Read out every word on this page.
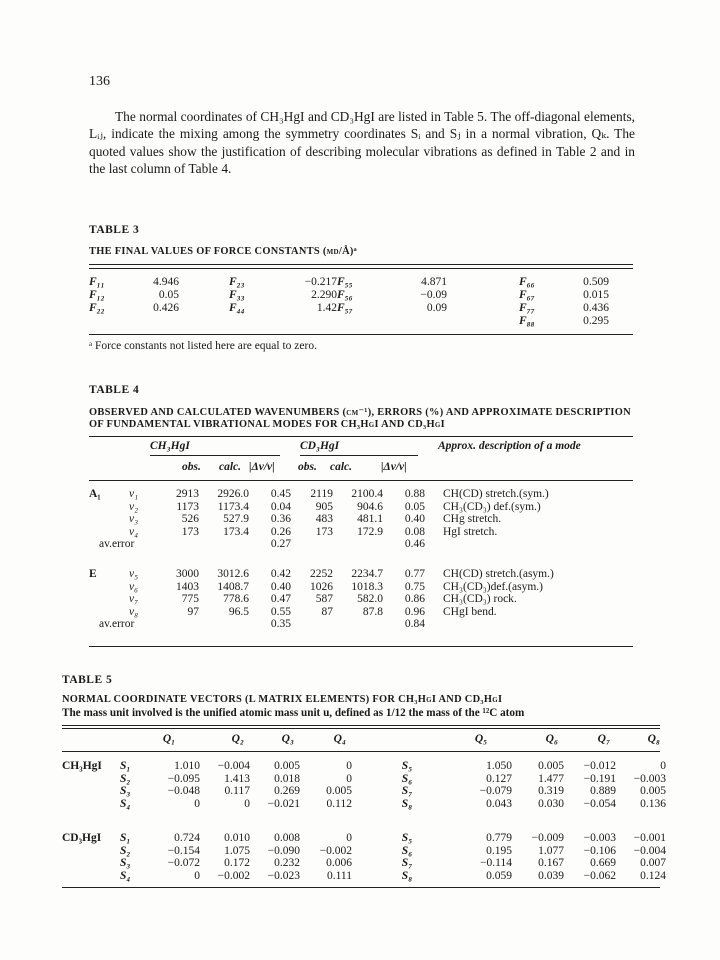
136
The normal coordinates of CH₃HgI and CD₃HgI are listed in Table 5. The off-diagonal elements, Lᵢⱼ, indicate the mixing among the symmetry coordinates Sᵢ and Sⱼ in a normal vibration, Qₖ. The quoted values show the justification of describing molecular vibrations as defined in Table 2 and in the last column of Table 4.
TABLE 3
THE FINAL VALUES OF FORCE CONSTANTS (md/Å)ᵃ
F₁₁	4.946	F₂₃	−0.217 F₅₅	4.871	F₆₆	0.509
F₁₂	0.05	F₃₃	2.290 F₅₆	−0.09	F₆₇	0.015
F₂₂	0.426	F₄₄	1.42 F₅₇	0.09	F₇₇	0.436
F₈₈	0.295
ᵃ Force constants not listed here are equal to zero.
TABLE 4
OBSERVED AND CALCULATED WAVENUMBERS (cm⁻¹), ERRORS (%) AND APPROXIMATE DESCRIPTION
OF FUNDAMENTAL VIBRATIONAL MODES FOR CH₃HgI AND CD₃HgI
CH₃HgI	CD₃HgI	Approx. description of a mode
obs. calc. |Δν/ν| obs. calc.	|Δν/ν|
A₁	ν₁	2913	2926.0	0.45	2119	2100.4	0.88	CH(CD) stretch.(sym.)
	ν₂	1173	1173.4	0.04	905	904.6	0.05	CH₃(CD₃) def.(sym.)
	ν₃	526	527.9	0.36	483	481.1	0.40	CHg stretch.
	ν₄	173	173.4	0.26	173	172.9	0.08	HgI stretch.
av.error				0.27			0.46	
E	ν₅	3000	3012.6	0.42	2252	2234.7	0.77	CH(CD) stretch.(asym.)
	ν₆	1403	1408.7	0.40	1026	1018.3	0.75	CH₃(CD₃)def.(asym.)
	ν₇	775	778.6	0.47	587	582.0	0.86	CH₃(CD₃) rock.
	ν₈	97	96.5	0.55	87	87.8	0.96	CHgI bend.
av.error				0.35			0.84	
TABLE 5
NORMAL COORDINATE VECTORS (L MATRIX ELEMENTS) FOR CH₃HgI AND CD₃HgI
The mass unit involved is the unified atomic mass unit u, defined as 1/12 the mass of the ¹²C atom
		Q₁	Q₂	Q₃	Q₄		Q₅	Q₆	Q₇	Q₈
CH₃HgI	S₁	1.010	−0.004	0.005	0	S₅	1.050	0.005	−0.012	0
	S₂	−0.095	1.413	0.018	0	S₆	0.127	1.477	−0.191	−0.003
	S₃	−0.048	0.117	0.269	0.005	S₇	−0.079	0.319	0.889	0.005
	S₄	0	0	−0.021	0.112	S₈	0.043	0.030	−0.054	0.136
CD₃HgI	S₁	0.724	0.010	0.008	0	S₅	0.779	−0.009	−0.003	−0.001
	S₂	−0.154	1.075	−0.090	−0.002	S₆	0.195	1.077	−0.106	−0.004
	S₃	−0.072	0.172	0.232	0.006	S₇	−0.114	0.167	0.669	0.007
	S₄	0	−0.002	−0.023	0.111	S₈	0.059	0.039	−0.062	0.124
